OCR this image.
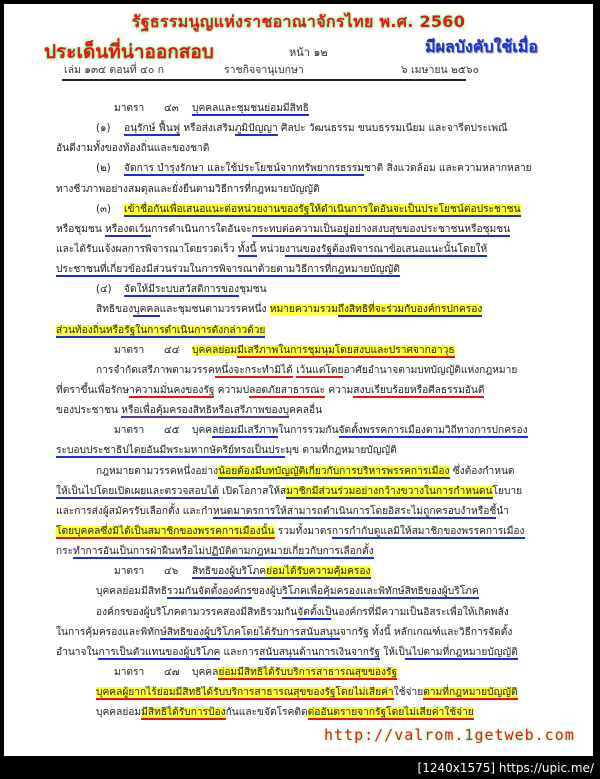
รัฐธรรมนูญแห่งราชอาณาจักรไทย พ.ศ. 2560
ประเด็นที่น่าออกสอบ	มีผลบังคับใช้เมื่อ
หน้า ๑๒
เล่ม ๑๓๔ ตอนที่ ๔๐ ก	ราชกิจจานุเบกษา	๖ เมษายน ๒๕๖๐
มาตรา ๔๓ บุคคลและชุมชนย่อมมีสิทธิ
(๑) อนุรักษ์ ฟื้นฟู หรือส่งเสริมภูมิปัญญา ศิลปะ วัฒนธรรม ขนบธรรมเนียม และจารีตประเพณี
อันดีงามทั้งของท้องถิ่นและของชาติ
(๒) จัดการ บำรุงรักษา และใช้ประโยชน์จากทรัพยากรธรรมชาติ สิ่งแวดล้อม และความหลากหลาย
ทางชีวภาพอย่างสมดุลและยั่งยืนตามวิธีการที่กฎหมายบัญญัติ
(๓) เข้าชื่อกันเพื่อเสนอแนะต่อหน่วยงานของรัฐให้ดำเนินการใดอันจะเป็นประโยชน์ต่อประชาชน
หรือชุมชน หรืองดเว้นการดำเนินการใดอันจะกระทบต่อความเป็นอยู่อย่างสงบสุขของประชาชนหรือชุมชน
และได้รับแจ้งผลการพิจารณาโดยรวดเร็ว ทั้งนี้ หน่วยงานของรัฐต้องพิจารณาข้อเสนอแนะนั้นโดยให้
ประชาชนที่เกี่ยวข้องมีส่วนร่วมในการพิจารณาด้วยตามวิธีการที่กฎหมายบัญญัติ
(๔) จัดให้มีระบบสวัสดิการของชุมชน
สิทธิของบุคคลและชุมชนตามวรรคหนึ่ง หมายความรวมถึงสิทธิที่จะร่วมกับองค์กรปกครอง
ส่วนท้องถิ่นหรือรัฐในการดำเนินการดังกล่าวด้วย
มาตรา ๔๔ บุคคลย่อมมีเสรีภาพในการชุมนุมโดยสงบและปราศจากอาวุธ
การจำกัดเสรีภาพตามวรรคหนึ่งจะกระทำมิได้ เว้นแต่โดยอาศัยอำนาจตามบทบัญญัติแห่งกฎหมาย
ที่ตราขึ้นเพื่อรักษาความมั่นคงของรัฐ ความปลอดภัยสาธารณะ ความสงบเรียบร้อยหรือศีลธรรมอันดี
ของประชาชน หรือเพื่อคุ้มครองสิทธิหรือเสรีภาพของบุคคลอื่น
มาตรา ๔๕ บุคคลย่อมมีเสรีภาพในการรวมกันจัดตั้งพรรคการเมืองตามวิถีทางการปกครอง
ระบอบประชาธิปไตยอันมีพระมหากษัตริย์ทรงเป็นประมุข ตามที่กฎหมายบัญญัติ
กฎหมายตามวรรคหนึ่งอย่างน้อยต้องมีบทบัญญัติเกี่ยวกับการบริหารพรรคการเมือง ซึ่งต้องกำหนด
ให้เป็นไปโดยเปิดเผยและตรวจสอบได้ เปิดโอกาสให้สมาชิกมีส่วนร่วมอย่างกว้างขวางในการกำหนดนโยบาย
และการส่งผู้สมัครรับเลือกตั้ง และกำหนดมาตรการให้สามารถดำเนินการโดยอิสระไม่ถูกครอบงำหรือชี้นำ
โดยบุคคลซึ่งมิได้เป็นสมาชิกของพรรคการเมืองนั้น รวมทั้งมาตรการกำกับดูแลมิให้สมาชิกของพรรคการเมือง
กระทำการอันเป็นการฝ่าฝืนหรือไม่ปฏิบัติตามกฎหมายเกี่ยวกับการเลือกตั้ง
มาตรา ๔๖ สิทธิของผู้บริโภคย่อมได้รับความคุ้มครอง
บุคคลย่อมมีสิทธิรวมกันจัดตั้งองค์กรของผู้บริโภคเพื่อคุ้มครองและพิทักษ์สิทธิของผู้บริโภค
องค์กรของผู้บริโภคตามวรรคสองมีสิทธิรวมกันจัดตั้งเป็นองค์กรที่มีความเป็นอิสระเพื่อให้เกิดพลัง
ในการคุ้มครองและพิทักษ์สิทธิของผู้บริโภคโดยได้รับการสนับสนุนจากรัฐ ทั้งนี้ หลักเกณฑ์และวิธีการจัดตั้ง
อำนาจในการเป็นตัวแทนของผู้บริโภค และการสนับสนุนด้านการเงินจากรัฐ ให้เป็นไปตามที่กฎหมายบัญญัติ
มาตรา ๔๗ บุคคลย่อมมีสิทธิได้รับบริการสาธารณสุขของรัฐ
บุคคลผู้ยากไร้ย่อมมีสิทธิได้รับบริการสาธารณสุขของรัฐโดยไม่เสียค่าใช้จ่ายตามที่กฎหมายบัญญัติ
บุคคลย่อมมีสิทธิได้รับการป้องกันและขจัดโรคติดต่ออันตรายจากรัฐโดยไม่เสียค่าใช้จ่าย
http://valrom.1getweb.com
[1240x1575] https://upic.me/
